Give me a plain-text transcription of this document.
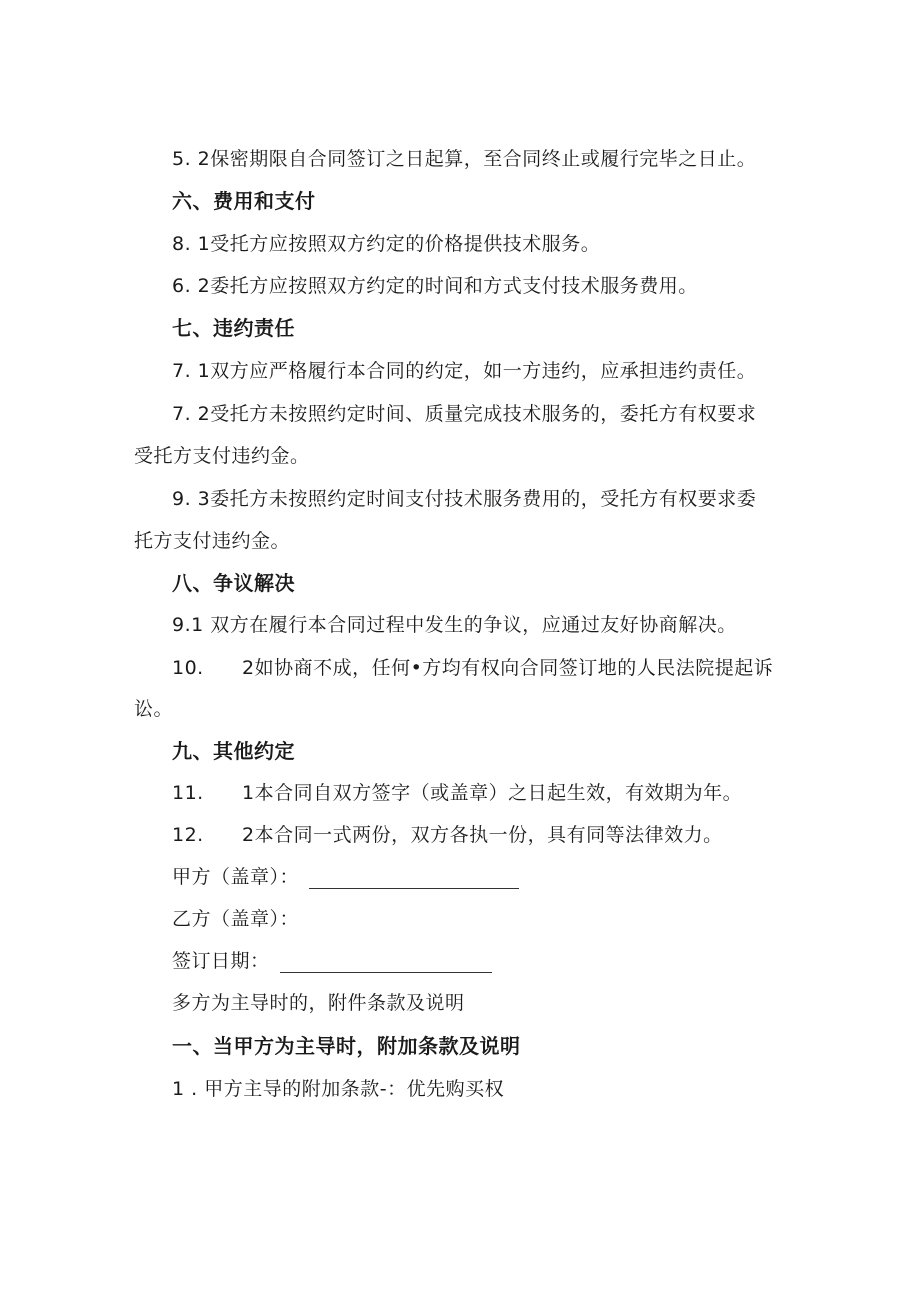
5. 2保密期限自合同签订之日起算，至合同终止或履行完毕之日止。
六、费用和支付
8. 1受托方应按照双方约定的价格提供技术服务。
6. 2委托方应按照双方约定的时间和方式支付技术服务费用。
七、违约责任
7. 1双方应严格履行本合同的约定，如一方违约，应承担违约责任。
7. 2受托方未按照约定时间、质量完成技术服务的，委托方有权要求
受托方支付违约金。
9. 3委托方未按照约定时间支付技术服务费用的，受托方有权要求委
托方支付违约金。
八、争议解决
9.1 双方在履行本合同过程中发生的争议，应通过友好协商解决。
10. 2如协商不成，任何•方均有权向合同签订地的人民法院提起诉
讼。
九、其他约定
11. 1本合同自双方签字（或盖章）之日起生效，有效期为年。
12. 2本合同一式两份，双方各执一份，具有同等法律效力。
甲方（盖章）：
乙方（盖章）：
签订日期：
多方为主导时的，附件条款及说明
一、当甲方为主导时，附加条款及说明
1 . 甲方主导的附加条款-：优先购买权
